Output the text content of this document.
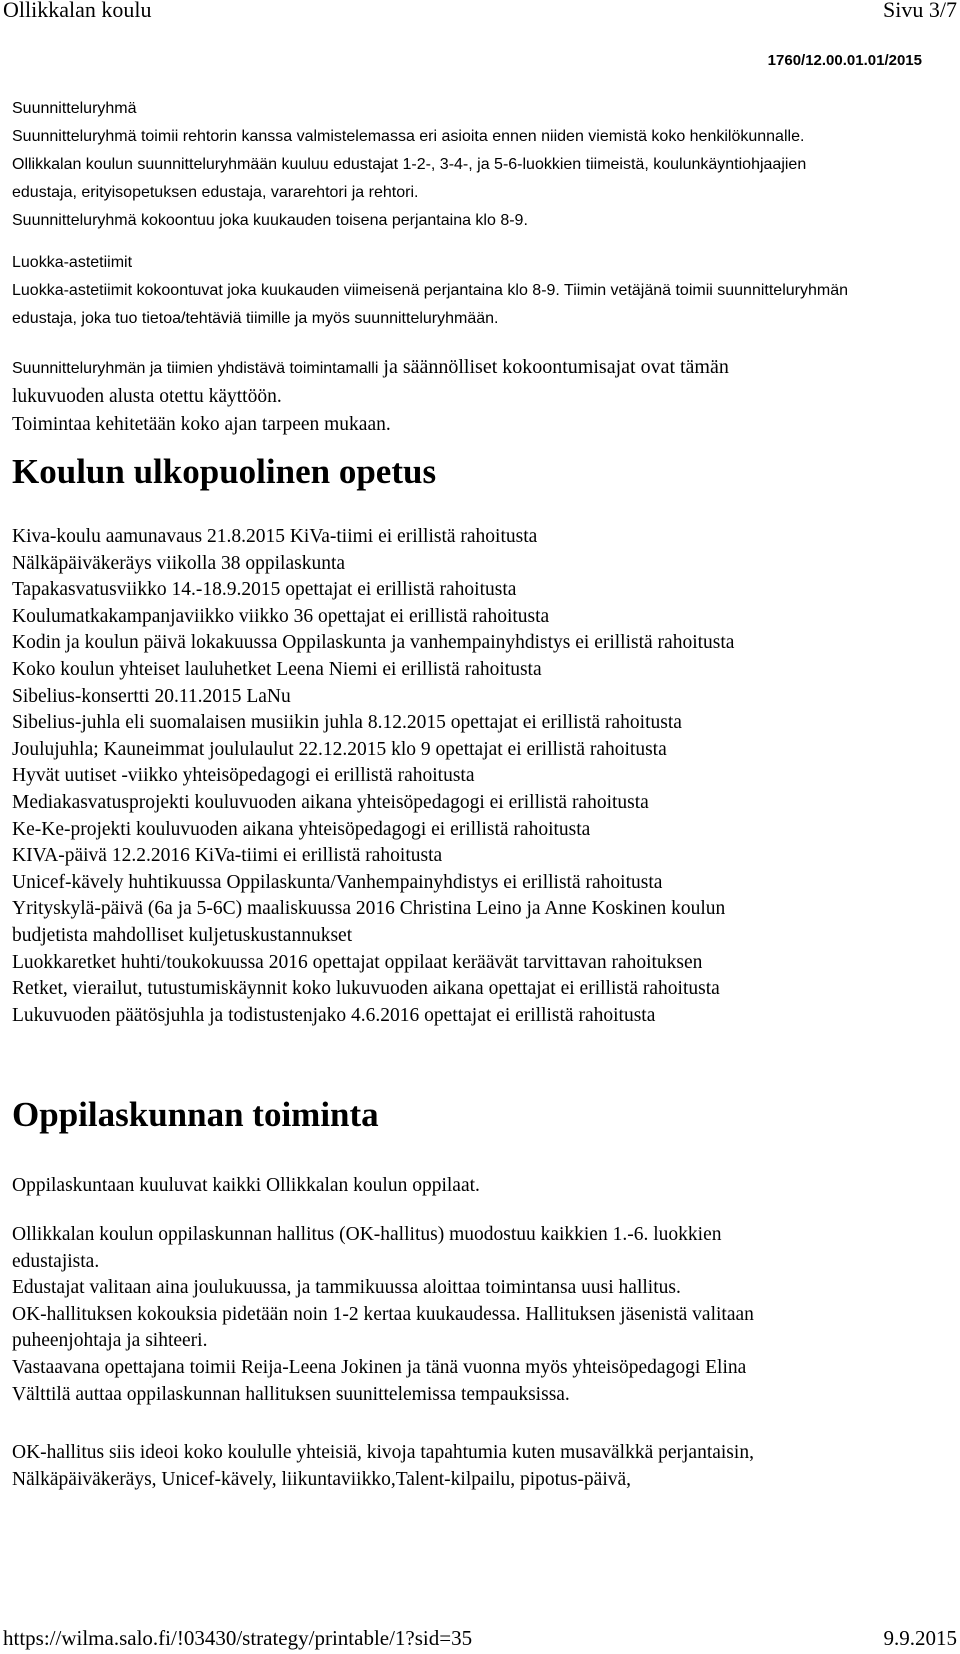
Ollikkalan koulu	Sivu 3/7
1760/12.00.01.01/2015
Suunnitteluryhmä
Suunnitteluryhmä toimii rehtorin kanssa valmistelemassa eri asioita ennen niiden viemistä koko henkilökunnalle.
Ollikkalan koulun suunnitteluryhmään kuuluu edustajat 1-2-, 3-4-, ja 5-6-luokkien tiimeistä, koulunkäyntiohjaajien
edustaja, erityisopetuksen edustaja, vararehtori ja rehtori.
Suunnitteluryhmä kokoontuu joka kuukauden toisena perjantaina klo 8-9.
Luokka-astetiimit
Luokka-astetiimit kokoontuvat joka kuukauden viimeisenä perjantaina klo 8-9. Tiimin vetäjänä toimii suunnitteluryhmän
edustaja, joka tuo tietoa/tehtäviä tiimille ja myös suunnitteluryhmään.
Suunnitteluryhmän ja tiimien yhdistävä toimintamalli ja säännölliset kokoontumisajat ovat tämän
lukuvuoden alusta otettu käyttöön.
Toimintaa kehitetään koko ajan tarpeen mukaan.
Koulun ulkopuolinen opetus
Kiva-koulu aamunavaus 21.8.2015 KiVa-tiimi ei erillistä rahoitusta
Nälkäpäiväkeräys viikolla 38 oppilaskunta
Tapakasvatusviikko 14.-18.9.2015 opettajat ei erillistä rahoitusta
Koulumatkakampanjaviikko viikko 36 opettajat ei erillistä rahoitusta
Kodin ja koulun päivä lokakuussa Oppilaskunta ja vanhempainyhdistys ei erillistä rahoitusta
Koko koulun yhteiset lauluhetket Leena Niemi ei erillistä rahoitusta
Sibelius-konsertti 20.11.2015 LaNu
Sibelius-juhla eli suomalaisen musiikin juhla 8.12.2015 opettajat ei erillistä rahoitusta
Joulujuhla; Kauneimmat joululaulut 22.12.2015 klo 9 opettajat ei erillistä rahoitusta
Hyvät uutiset -viikko yhteisöpedagogi ei erillistä rahoitusta
Mediakasvatusprojekti kouluvuoden aikana yhteisöpedagogi ei erillistä rahoitusta
Ke-Ke-projekti kouluvuoden aikana yhteisöpedagogi ei erillistä rahoitusta
KIVA-päivä 12.2.2016 KiVa-tiimi ei erillistä rahoitusta
Unicef-kävely huhtikuussa Oppilaskunta/Vanhempainyhdistys ei erillistä rahoitusta
Yrityskylä-päivä (6a ja 5-6C) maaliskuussa 2016 Christina Leino ja Anne Koskinen koulun
budjetista mahdolliset kuljetuskustannukset
Luokkaretket huhti/toukokuussa 2016 opettajat oppilaat keräävät tarvittavan rahoituksen
Retket, vierailut, tutustumiskäynnit koko lukuvuoden aikana opettajat ei erillistä rahoitusta
Lukuvuoden päätösjuhla ja todistustenjako 4.6.2016 opettajat ei erillistä rahoitusta
Oppilaskunnan toiminta
Oppilaskuntaan kuuluvat kaikki Ollikkalan koulun oppilaat.
Ollikkalan koulun oppilaskunnan hallitus (OK-hallitus) muodostuu kaikkien 1.-6. luokkien
edustajista.
Edustajat valitaan aina joulukuussa, ja tammikuussa aloittaa toimintansa uusi hallitus.
OK-hallituksen kokouksia pidetään noin 1-2 kertaa kuukaudessa. Hallituksen jäsenistä valitaan
puheenjohtaja ja sihteeri.
Vastaavana opettajana toimii Reija-Leena Jokinen ja tänä vuonna myös yhteisöpedagogi Elina
Välttilä auttaa oppilaskunnan hallituksen suunittelemissa tempauksissa.
OK-hallitus siis ideoi koko koululle yhteisiä, kivoja tapahtumia kuten musavälkkä perjantaisin,
Nälkäpäiväkeräys, Unicef-kävely, liikuntaviikko,Talent-kilpailu, pipotus-päivä,
https://wilma.salo.fi/!03430/strategy/printable/1?sid=35	9.9.2015
